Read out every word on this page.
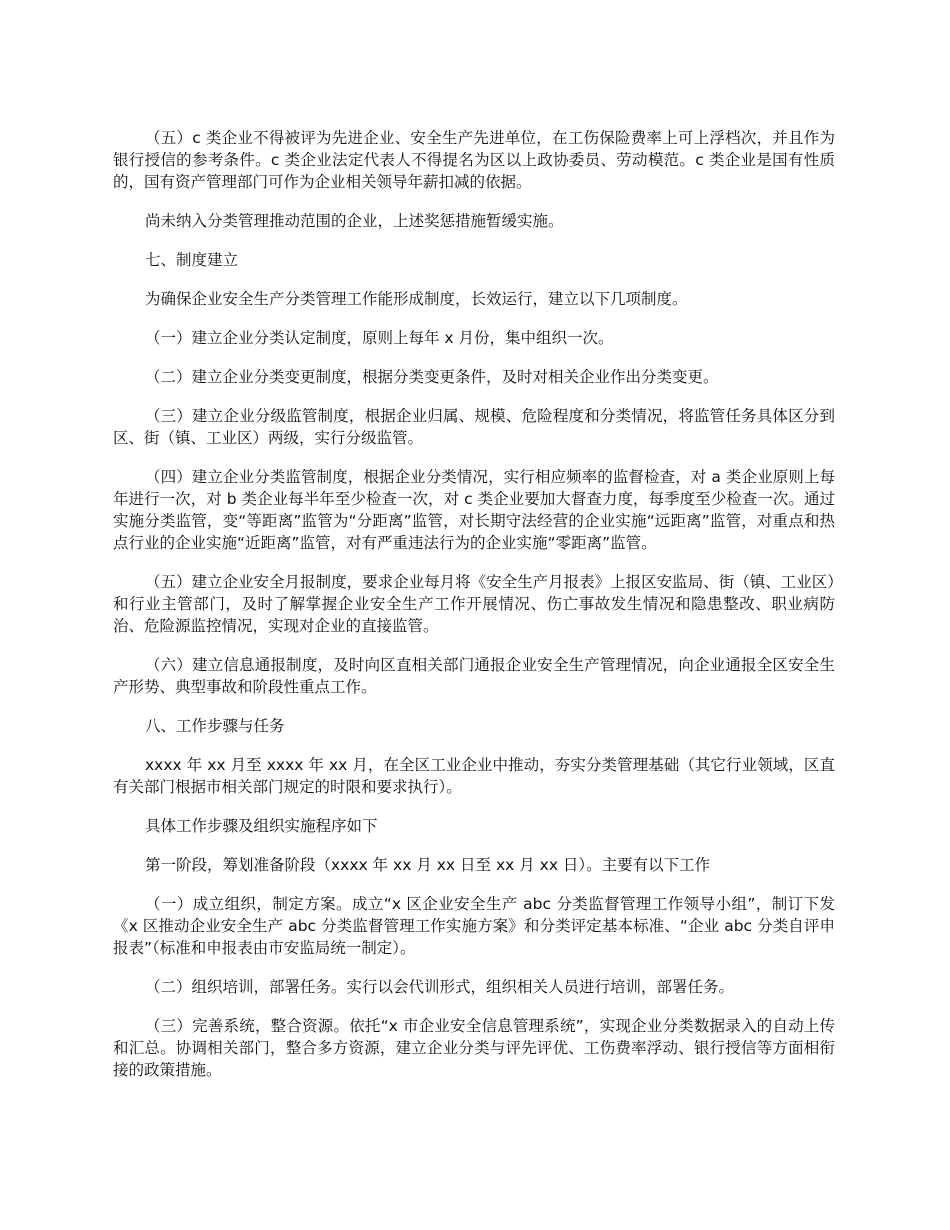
（五）c 类企业不得被评为先进企业、安全生产先进单位，在工伤保险费率上可上浮档次，并且作为银行授信的参考条件。c 类企业法定代表人不得提名为区以上政协委员、劳动模范。c 类企业是国有性质的，国有资产管理部门可作为企业相关领导年薪扣减的依据。

尚未纳入分类管理推动范围的企业，上述奖惩措施暂缓实施。

七、制度建立

为确保企业安全生产分类管理工作能形成制度，长效运行，建立以下几项制度。

（一）建立企业分类认定制度，原则上每年 x 月份，集中组织一次。

（二）建立企业分类变更制度，根据分类变更条件，及时对相关企业作出分类变更。

（三）建立企业分级监管制度，根据企业归属、规模、危险程度和分类情况，将监管任务具体区分到区、街（镇、工业区）两级，实行分级监管。

（四）建立企业分类监管制度，根据企业分类情况，实行相应频率的监督检查，对 a 类企业原则上每年进行一次，对 b 类企业每半年至少检查一次，对 c 类企业要加大督查力度，每季度至少检查一次。通过实施分类监管，变“等距离”监管为“分距离”监管，对长期守法经营的企业实施“远距离”监管，对重点和热点行业的企业实施“近距离”监管，对有严重违法行为的企业实施“零距离”监管。

（五）建立企业安全月报制度，要求企业每月将《安全生产月报表》上报区安监局、街（镇、工业区）和行业主管部门，及时了解掌握企业安全生产工作开展情况、伤亡事故发生情况和隐患整改、职业病防治、危险源监控情况，实现对企业的直接监管。

（六）建立信息通报制度，及时向区直相关部门通报企业安全生产管理情况，向企业通报全区安全生产形势、典型事故和阶段性重点工作。

八、工作步骤与任务

xxxx 年 xx 月至 xxxx 年 xx 月，在全区工业企业中推动，夯实分类管理基础（其它行业领域，区直有关部门根据市相关部门规定的时限和要求执行）。

具体工作步骤及组织实施程序如下

第一阶段，筹划准备阶段（xxxx 年 xx 月 xx 日至 xx 月 xx 日）。主要有以下工作

（一）成立组织，制定方案。成立“x 区企业安全生产 abc 分类监督管理工作领导小组”，制订下发《x 区推动企业安全生产 abc 分类监督管理工作实施方案》和分类评定基本标准、“企业 abc 分类自评申报表”（标准和申报表由市安监局统一制定）。

（二）组织培训，部署任务。实行以会代训形式，组织相关人员进行培训，部署任务。

（三）完善系统，整合资源。依托“x 市企业安全信息管理系统”，实现企业分类数据录入的自动上传和汇总。协调相关部门，整合多方资源，建立企业分类与评先评优、工伤费率浮动、银行授信等方面相衔接的政策措施。
